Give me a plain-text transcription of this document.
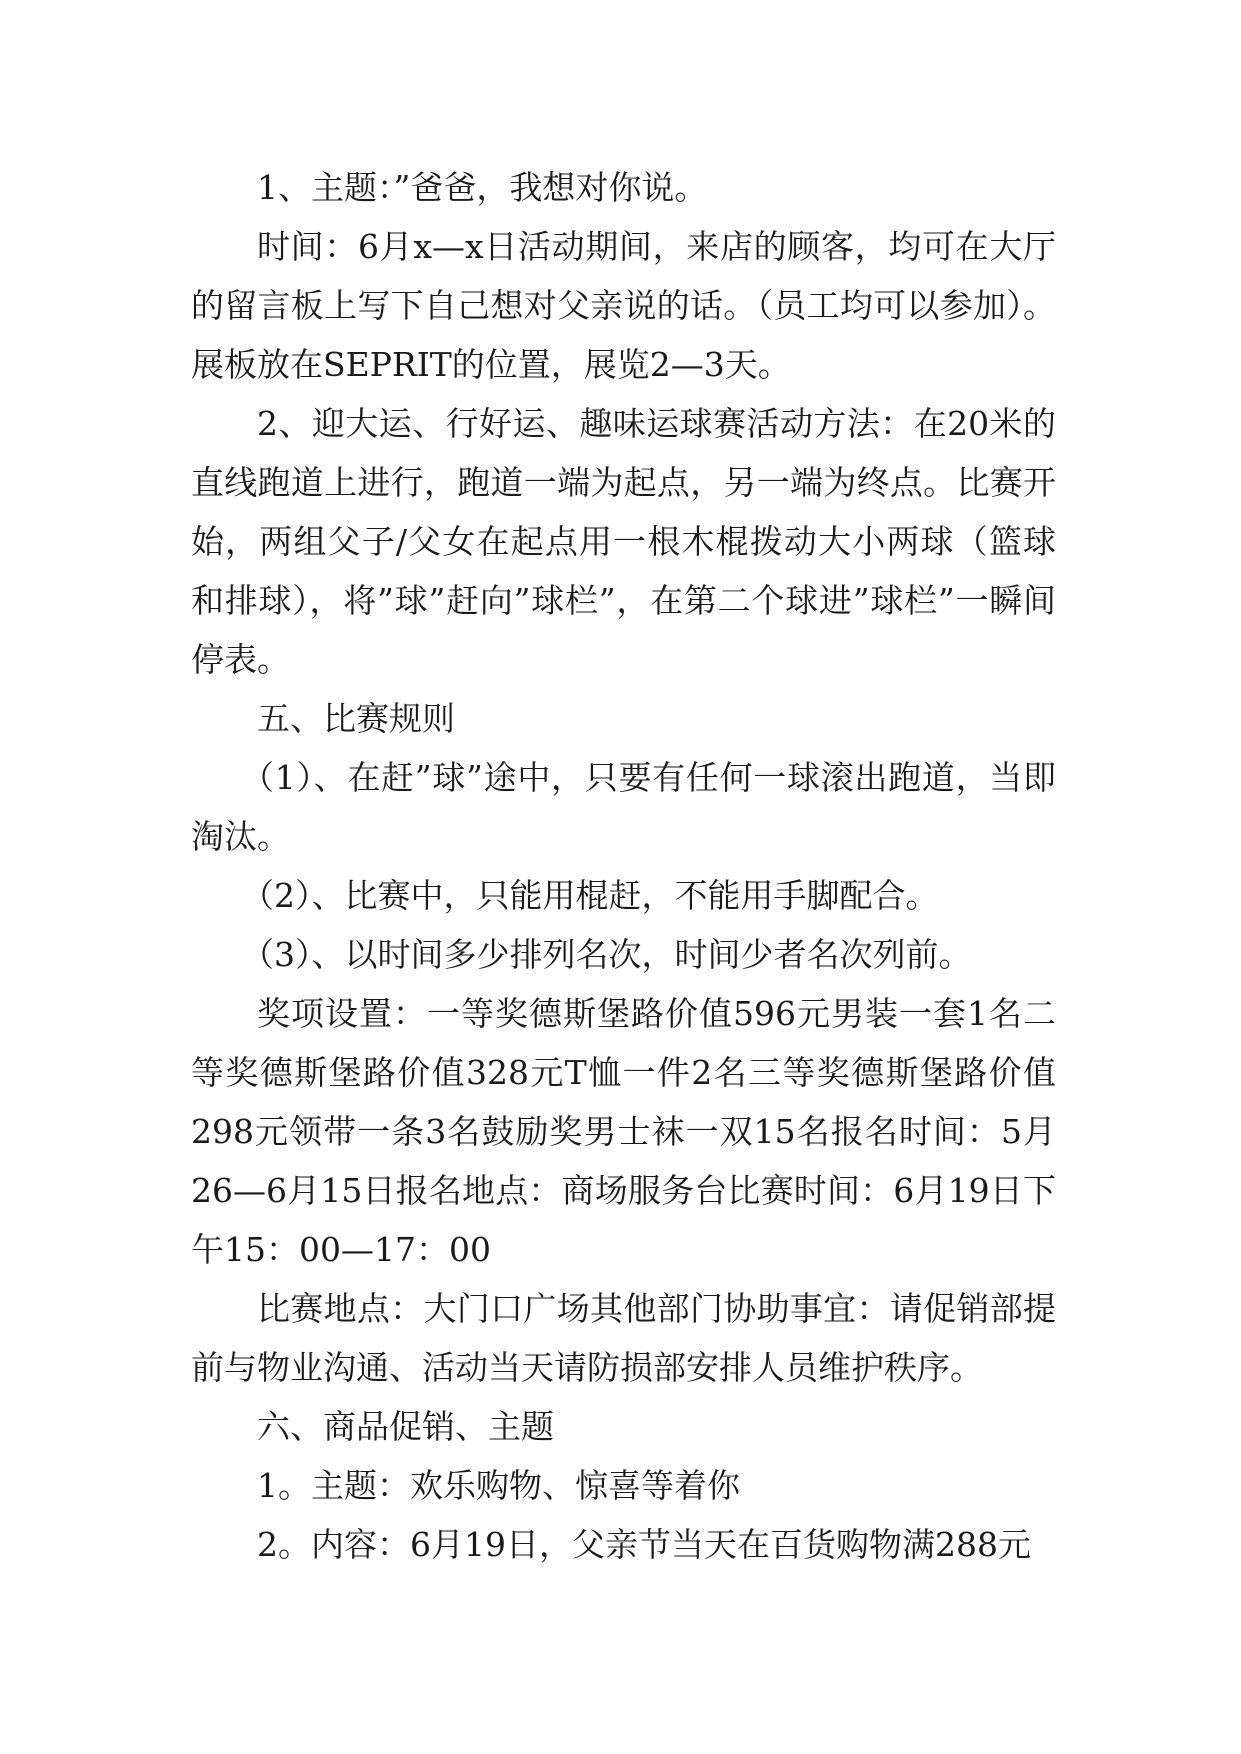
1、主题：”爸爸，我想对你说。

时间：6月x—x日活动期间，来店的顾客，均可在大厅的留言板上写下自己想对父亲说的话。（员工均可以参加）。展板放在SEPRIT的位置，展览2—3天。

2、迎大运、行好运、趣味运球赛活动方法：在20米的直线跑道上进行，跑道一端为起点，另一端为终点。比赛开始，两组父子/父女在起点用一根木棍拨动大小两球（篮球和排球），将”球”赶向”球栏”，在第二个球进”球栏”一瞬间停表。

五、比赛规则

（1）、在赶”球”途中，只要有任何一球滚出跑道，当即淘汰。

（2）、比赛中，只能用棍赶，不能用手脚配合。

（3）、以时间多少排列名次，时间少者名次列前。

奖项设置：一等奖德斯堡路价值596元男装一套1名二等奖德斯堡路价值328元T恤一件2名三等奖德斯堡路价值298元领带一条3名鼓励奖男士袜一双15名报名时间：5月26—6月15日报名地点：商场服务台比赛时间：6月19日下午15：00—17：00

比赛地点：大门口广场其他部门协助事宜：请促销部提前与物业沟通、活动当天请防损部安排人员维护秩序。

六、商品促销、主题

1。主题：欢乐购物、惊喜等着你

2。内容：6月19日，父亲节当天在百货购物满288元
